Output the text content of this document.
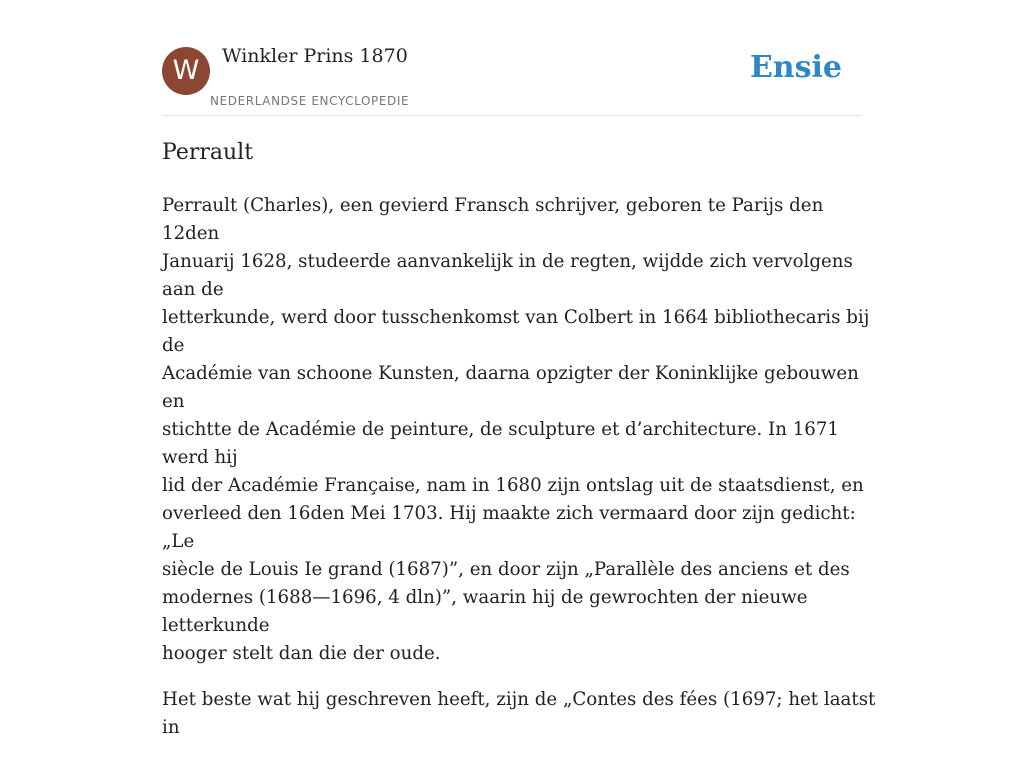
W	Winkler Prins 1870
NEDERLANDSE ENCYCLOPEDIE
Ensie
Perrault

Perrault (Charles), een gevierd Fransch schrijver, geboren te Parijs den 12den
Januarij 1628, studeerde aanvankelijk in de regten, wijdde zich vervolgens aan de
letterkunde, werd door tusschenkomst van Colbert in 1664 bibliothecaris bij de
Académie van schoone Kunsten, daarna opzigter der Koninklijke gebouwen en
stichtte de Académie de peinture, de sculpture et d’architecture. In 1671 werd hij
lid der Académie Française, nam in 1680 zijn ontslag uit de staatsdienst, en
overleed den 16den Mei 1703. Hij maakte zich vermaard door zijn gedicht: „Le
siècle de Louis Ie grand (1687)”, en door zijn „Parallèle des anciens et des
modernes (1688—1696, 4 dln)”, waarin hij de gewrochten der nieuwe letterkunde
hooger stelt dan die der oude.

Het beste wat hij geschreven heeft, zijn de „Contes des fées (1697; het laatst in
